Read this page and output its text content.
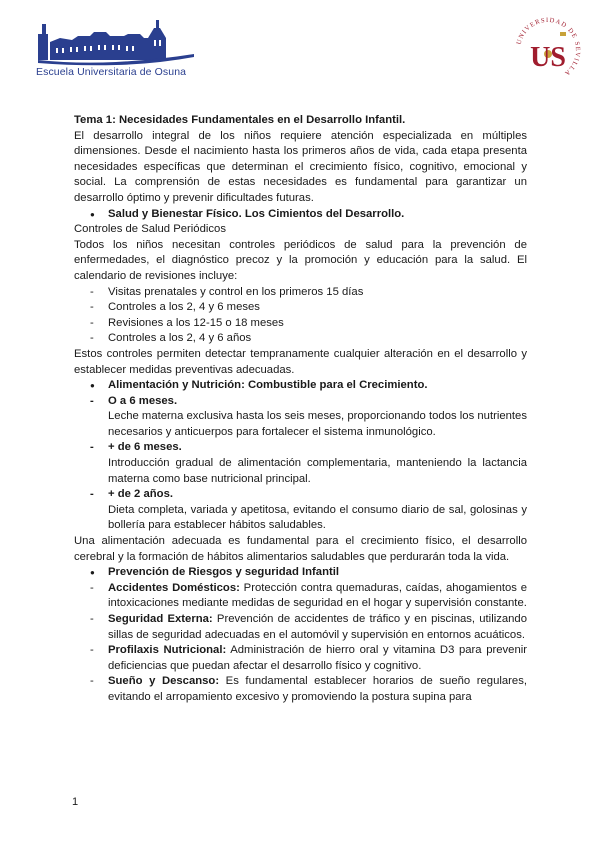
Escuela Universitaria de Osuna
UNIVERSIDAD DE SEVILLA
US

Tema 1: Necesidades Fundamentales en el Desarrollo Infantil.

El desarrollo integral de los niños requiere atención especializada en múltiples dimensiones. Desde el nacimiento hasta los primeros años de vida, cada etapa presenta necesidades específicas que determinan el crecimiento físico, cognitivo, emocional y social. La comprensión de estas necesidades es fundamental para garantizar un desarrollo óptimo y prevenir dificultades futuras.

● Salud y Bienestar Físico. Los Cimientos del Desarrollo.

Controles de Salud Periódicos

Todos los niños necesitan controles periódicos de salud para la prevención de enfermedades, el diagnóstico precoz y la promoción y educación para la salud. El calendario de revisiones incluye:

- Visitas prenatales y control en los primeros 15 días

- Controles a los 2, 4 y 6 meses

- Revisiones a los 12-15 o 18 meses

- Controles a los 2, 4 y 6 años

Estos controles permiten detectar tempranamente cualquier alteración en el desarrollo y establecer medidas preventivas adecuadas.

● Alimentación y Nutrición: Combustible para el Crecimiento.

- O a 6 meses.

Leche materna exclusiva hasta los seis meses, proporcionando todos los nutrientes necesarios y anticuerpos para fortalecer el sistema inmunológico.

- + de 6 meses.

Introducción gradual de alimentación complementaria, manteniendo la lactancia materna como base nutricional principal.

- + de 2 años.

Dieta completa, variada y apetitosa, evitando el consumo diario de sal, golosinas y bollería para establecer hábitos saludables.

Una alimentación adecuada es fundamental para el crecimiento físico, el desarrollo cerebral y la formación de hábitos alimentarios saludables que perdurarán toda la vida.

● Prevención de Riesgos y seguridad Infantil

- Accidentes Domésticos: Protección contra quemaduras, caídas, ahogamientos e intoxicaciones mediante medidas de seguridad en el hogar y supervisión constante.

- Seguridad Externa: Prevención de accidentes de tráfico y en piscinas, utilizando sillas de seguridad adecuadas en el automóvil y supervisión en entornos acuáticos.

- Profilaxis Nutricional: Administración de hierro oral y vitamina D3 para prevenir deficiencias que puedan afectar el desarrollo físico y cognitivo.

- Sueño y Descanso: Es fundamental establecer horarios de sueño regulares, evitando el arropamiento excesivo y promoviendo la postura supina para

1
